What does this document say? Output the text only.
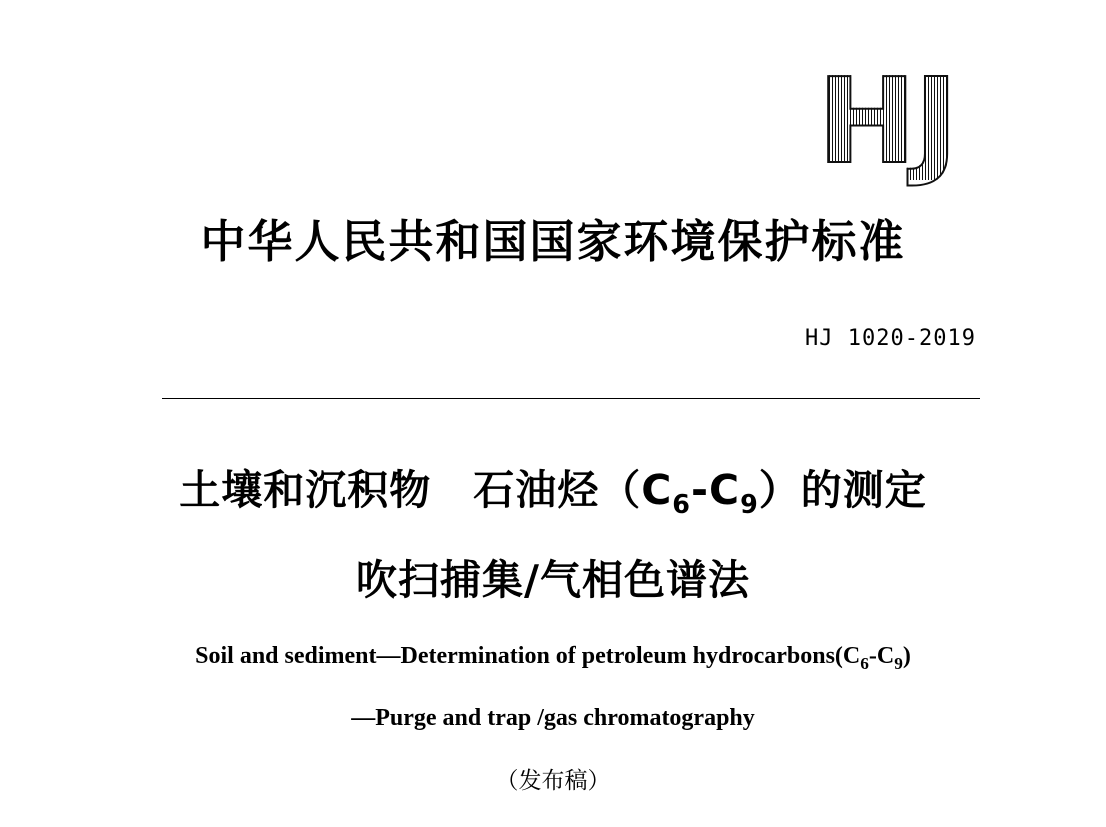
HJ
中华人民共和国国家环境保护标准
HJ 1020-2019
土壤和沉积物　石油烃$(C_6-C_9)$的测定
吹扫捕集/气相色谱法
Soil and sediment—Determination of petroleum $hydrocarbons(C_6-C_9)$
—Purge and trap /gas chromatography
（发布稿）
